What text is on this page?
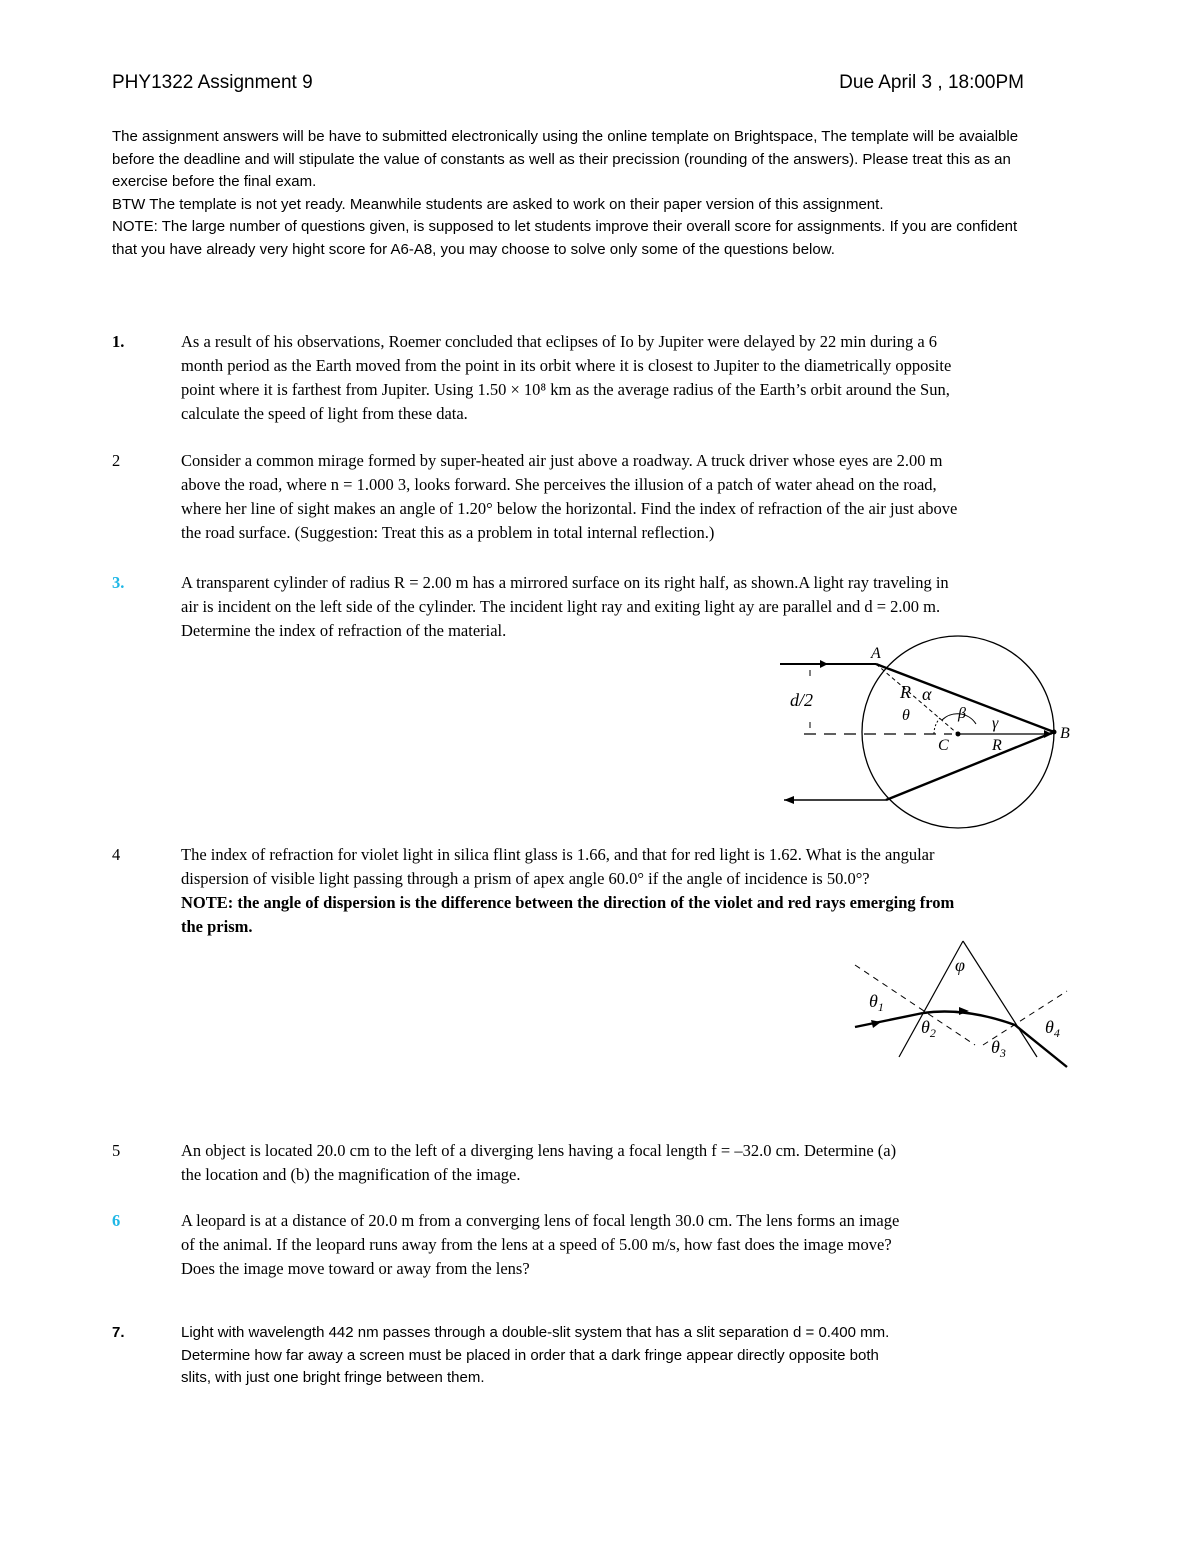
PHY1322 Assignment 9	Due April 3 , 18:00PM

The assignment answers will be have to submitted electronically using the online template on Brightspace, The template will be avaialble before the deadline and will stipulate the value of constants as well as their precission (rounding of the answers). Please treat this as an exercise before the final exam.

BTW The template is not yet ready. Meanwhile students are asked to work on their paper version of this assignment.

NOTE: The large number of questions given, is supposed to let students improve their overall score for assignments. If you are confident that you have already very hight score for A6-A8, you may choose to solve only some of the questions below.

1.	As a result of his observations, Roemer concluded that eclipses of Io by Jupiter were delayed by 22 min during a 6
month period as the Earth moved from the point in its orbit where it is closest to Jupiter to the diametrically opposite
point where it is farthest from Jupiter. Using 1.50 × 10⁸ km as the average radius of the Earth’s orbit around the Sun,
calculate the speed of light from these data.
2	Consider a common mirage formed by super-heated air just above a roadway. A truck driver whose eyes are 2.00 m
above the road, where n = 1.000 3, looks forward. She perceives the illusion of a patch of water ahead on the road,
where her line of sight makes an angle of 1.20° below the horizontal. Find the index of refraction of the air just above
the road surface. (Suggestion: Treat this as a problem in total internal reflection.)
3.	A transparent cylinder of radius R = 2.00 m has a mirrored surface on its right half, as shown.A light ray traveling in
air is incident on the left side of the cylinder. The incident light ray and exiting light ay are parallel and d = 2.00 m.
Determine the index of refraction of the material.
A
B
C
d/2	R α
θ	β
γ
R
4	The index of refraction for violet light in silica flint glass is 1.66, and that for red light is 1.62. What is the angular
dispersion of visible light passing through a prism of apex angle 60.0° if the angle of incidence is 50.0°?
NOTE: the angle of dispersion is the difference between the direction of the violet and red rays emerging from
the prism.
φ
$\theta_1$
$\theta_2$
$\theta_3$
$\theta_4$
5	An object is located 20.0 cm to the left of a diverging lens having a focal length f = –32.0 cm. Determine (a)
the location and (b) the magnification of the image.
6	A leopard is at a distance of 20.0 m from a converging lens of focal length 30.0 cm. The lens forms an image
of the animal. If the leopard runs away from the lens at a speed of 5.00 m/s, how fast does the image move?
Does the image move toward or away from the lens?
7.	Light with wavelength 442 nm passes through a double-slit system that has a slit separation d = 0.400 mm.
Determine how far away a screen must be placed in order that a dark fringe appear directly opposite both
slits, with just one bright fringe between them.
